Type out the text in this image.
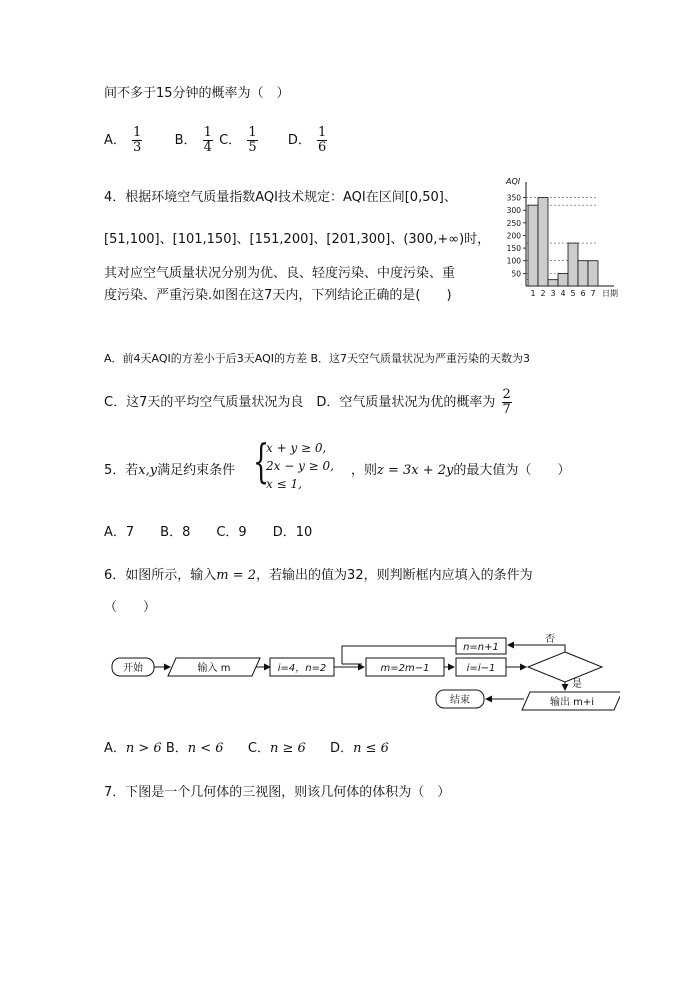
间不多于15分钟的概率为（　）
A． $\frac{1}{3}$ B． $\frac{1}{4}$ C． $\frac{1}{5}$ D． $\frac{1}{6}$
4．根据环境空气质量指数AQI技术规定：AQI在区间[0,50]、
[51,100]、[101,150]、[151,200]、[201,300]、(300,+∞)时，
其对应空气质量状况分别为优、良、轻度污染、中度污染、重
度污染、严重污染.如图在这7天内，下列结论正确的是(　　)
AQI
日期
50
100
150
200
250
300
350
1 2 3 4 5 6 7
A．前4天AQI的方差小于后3天AQI的方差 B．这7天空气质量状况为严重污染的天数为3
C．这7天的平均空气质量状况为良　D．空气质量状况为优的概率为 $\frac{2}{7}$
5．若x,y满足约束条件 {
x + y ≥ 0,
2x − y ≥ 0,
x ≤ 1,
，则z = 3x + 2y的最大值为（　　）
A．7　　B．8　　C．9　　D．10
6．如图所示，输入m = 2，若输出的值为32，则判断框内应填入的条件为
（　　）
开始	输入 m	i=4，n=2	m=2m−1	i=i−1
n=n+1
否
是
输出 m+i
结束
A．n > 6 B．n < 6 C．n ≥ 6 D．n ≤ 6
7．下图是一个几何体的三视图，则该几何体的体积为（　）
